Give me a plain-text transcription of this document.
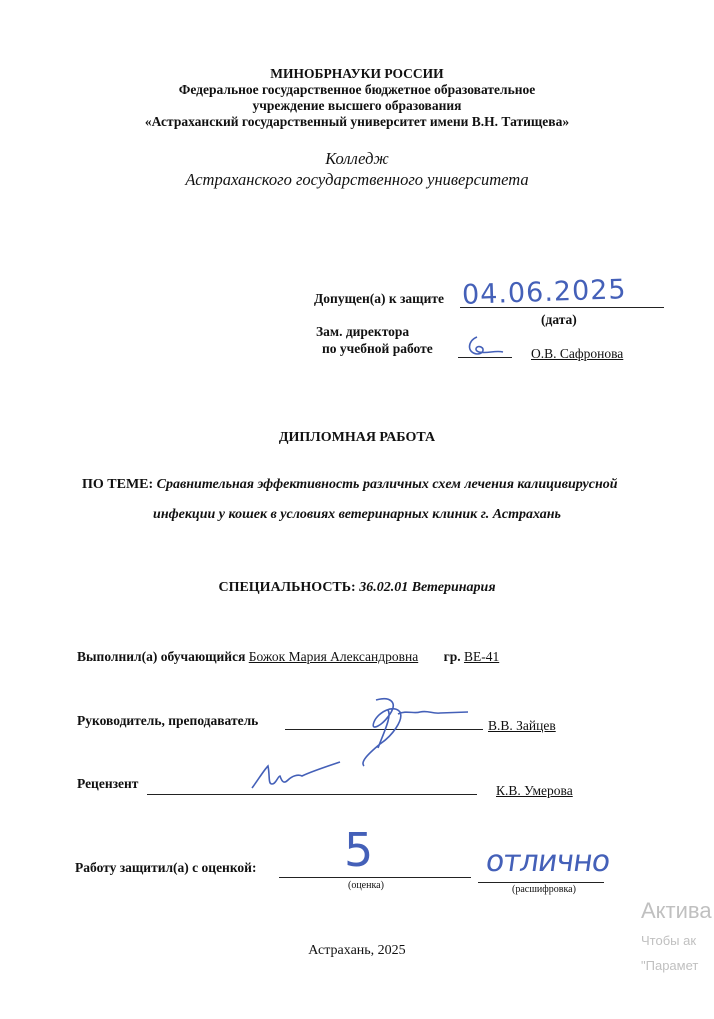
МИНОБРНАУКИ РОССИИ
Федеральное государственное бюджетное образовательное
учреждение высшего образования
«Астраханский государственный университет имени В.Н. Татищева»
Колледж
Астраханского государственного университета
Допущен(а) к защите 04.06.2025
(дата)
Зам. директора
по учебной работе	О.В. Сафронова
ДИПЛОМНАЯ РАБОТА
ПО ТЕМЕ: Сравнительная эффективность различных схем лечения калицивирусной
инфекции у кошек в условиях ветеринарных клиник г. Астрахань
СПЕЦИАЛЬНОСТЬ: 36.02.01 Ветеринария
Выполнил(а) обучающийся Божок Мария Александровна гр. ВЕ-41
Руководитель, преподаватель	В.В. Зайцев
Рецензент	К.В. Умерова
Работу защитил(а) с оценкой: 5
(оценка)
отлично
(расшифровка)
Астрахань, 2025
Актива
Чтобы ак
"Парамет
